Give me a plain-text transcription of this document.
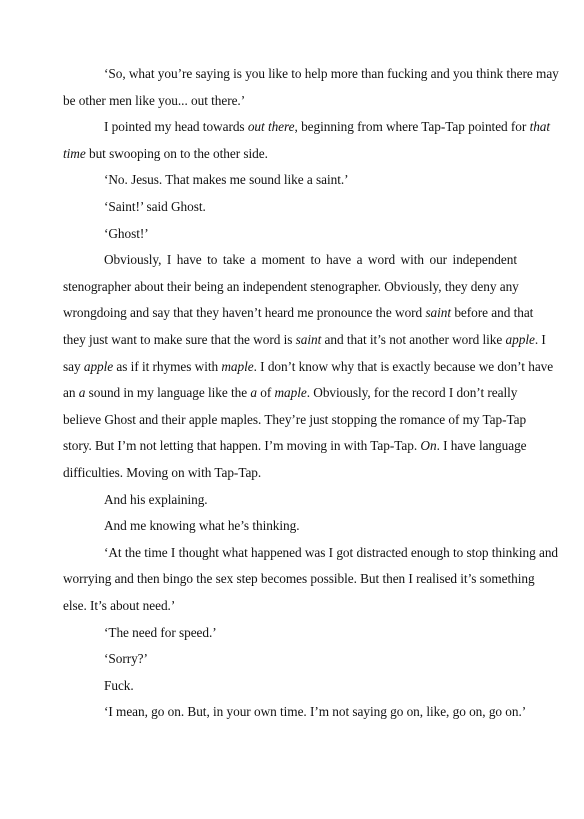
‘So, what you’re saying is you like to help more than fucking and you think there may
be other men like you... out there.’
I pointed my head towards out there, beginning from where Tap-Tap pointed for that
time but swooping on to the other side.
‘No. Jesus. That makes me sound like a saint.’
‘Saint!’ said Ghost.
‘Ghost!’
Obviously, I have to take a moment to have a word with our independent
stenographer about their being an independent stenographer. Obviously, they deny any
wrongdoing and say that they haven’t heard me pronounce the word saint before and that
they just want to make sure that the word is saint and that it’s not another word like apple. I
say apple as if it rhymes with maple. I don’t know why that is exactly because we don’t have
an a sound in my language like the a of maple. Obviously, for the record I don’t really
believe Ghost and their apple maples. They’re just stopping the romance of my Tap-Tap
story. But I’m not letting that happen. I’m moving in with Tap-Tap. On. I have language
difficulties. Moving on with Tap-Tap.
And his explaining.
And me knowing what he’s thinking.
‘At the time I thought what happened was I got distracted enough to stop thinking and
worrying and then bingo the sex step becomes possible. But then I realised it’s something
else. It’s about need.’
‘The need for speed.’
‘Sorry?’
Fuck.
‘I mean, go on. But, in your own time. I’m not saying go on, like, go on, go on.’
